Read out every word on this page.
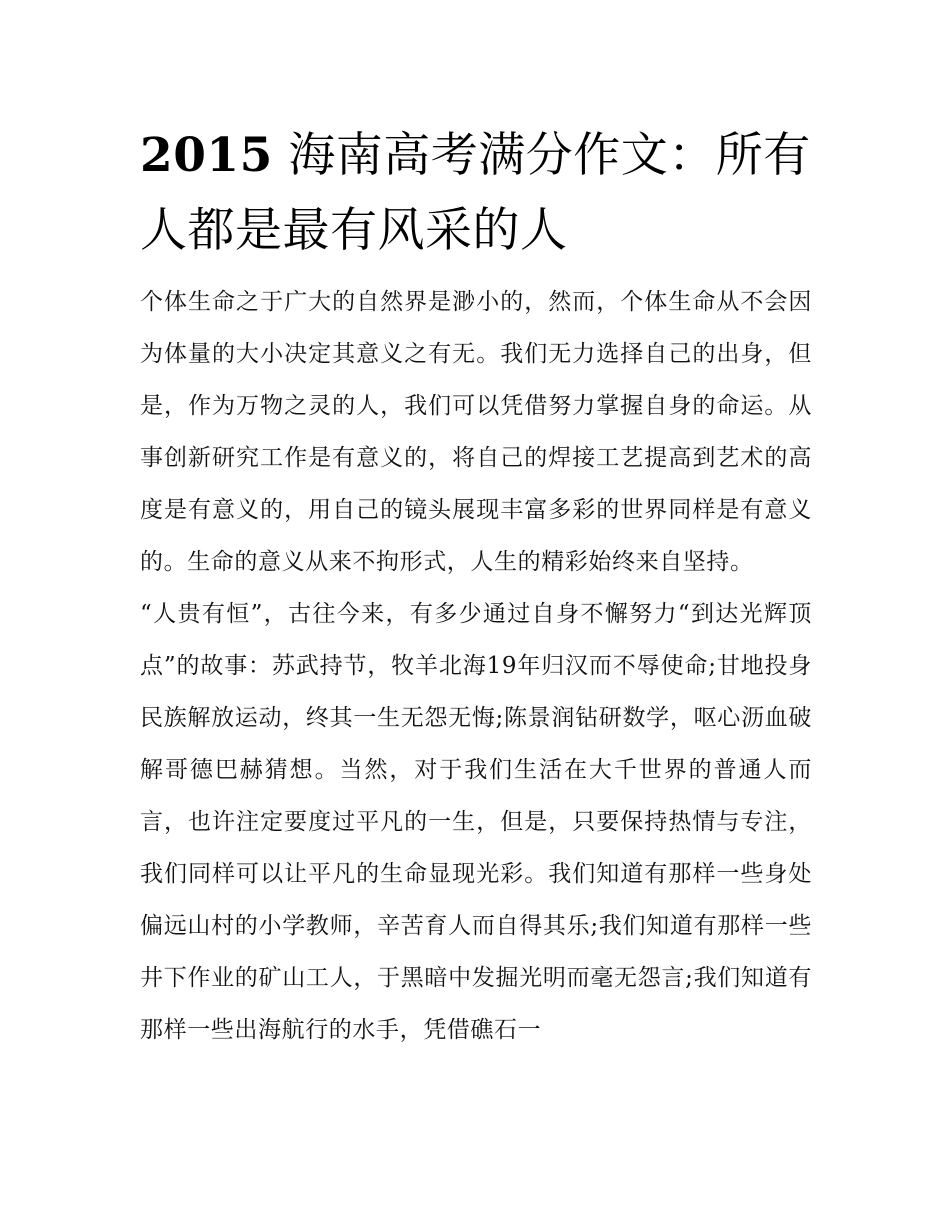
2015 海南高考满分作文：所有人都是最有风采的人

个体生命之于广大的自然界是渺小的，然而，个体生命从不会因为体量的大小决定其意义之有无。我们无力选择自己的出身，但是，作为万物之灵的人，我们可以凭借努力掌握自身的命运。从事创新研究工作是有意义的，将自己的焊接工艺提高到艺术的高度是有意义的，用自己的镜头展现丰富多彩的世界同样是有意义的。生命的意义从来不拘形式，人生的精彩始终来自坚持。

“人贵有恒”，古往今来，有多少通过自身不懈努力“到达光辉顶点”的故事：苏武持节，牧羊北海19年归汉而不辱使命;甘地投身民族解放运动，终其一生无怨无悔;陈景润钻研数学，呕心沥血破解哥德巴赫猜想。当然，对于我们生活在大千世界的普通人而言，也许注定要度过平凡的一生，但是，只要保持热情与专注，我们同样可以让平凡的生命显现光彩。我们知道有那样一些身处偏远山村的小学教师，辛苦育人而自得其乐;我们知道有那样一些井下作业的矿山工人，于黑暗中发掘光明而毫无怨言;我们知道有那样一些出海航行的水手，凭借礁石一
